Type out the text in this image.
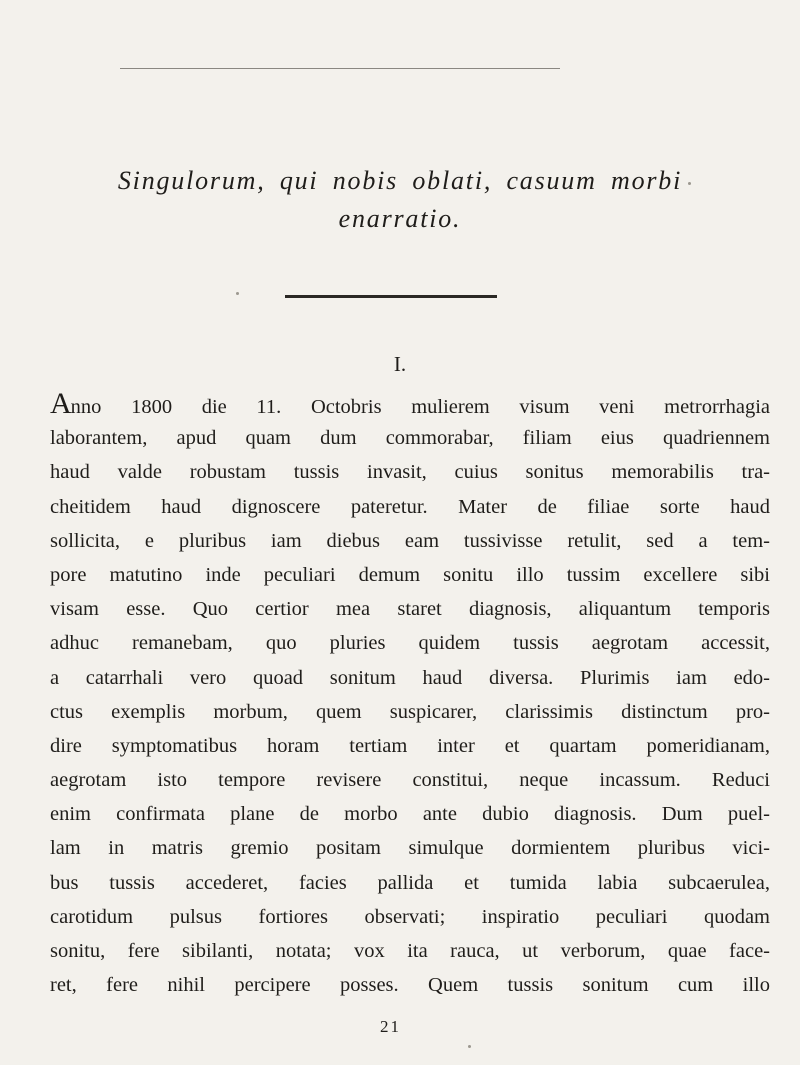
Singulorum, qui nobis oblati, casuum morbi
enarratio.
I.
Anno 1800 die 11. Octobris mulierem visum veni metrorrhagia
laborantem, apud quam dum commorabar, filiam eius quadriennem
haud valde robustam tussis invasit, cuius sonitus memorabilis tra-
cheitidem haud dignoscere pateretur. Mater de filiae sorte haud
sollicita, e pluribus iam diebus eam tussivisse retulit, sed a tem-
pore matutino inde peculiari demum sonitu illo tussim excellere sibi
visam esse. Quo certior mea staret diagnosis, aliquantum temporis
adhuc remanebam, quo pluries quidem tussis aegrotam accessit,
a catarrhali vero quoad sonitum haud diversa. Plurimis iam edo-
ctus exemplis morbum, quem suspicarer, clarissimis distinctum pro-
dire symptomatibus horam tertiam inter et quartam pomeridianam,
aegrotam isto tempore revisere constitui, neque incassum. Reduci
enim confirmata plane de morbo ante dubio diagnosis. Dum puel-
lam in matris gremio positam simulque dormientem pluribus vici-
bus tussis accederet, facies pallida et tumida labia subcaerulea,
carotidum pulsus fortiores observati; inspiratio peculiari quodam
sonitu, fere sibilanti, notata; vox ita rauca, ut verborum, quae face-
ret, fere nihil percipere posses. Quem tussis sonitum cum illo
21
